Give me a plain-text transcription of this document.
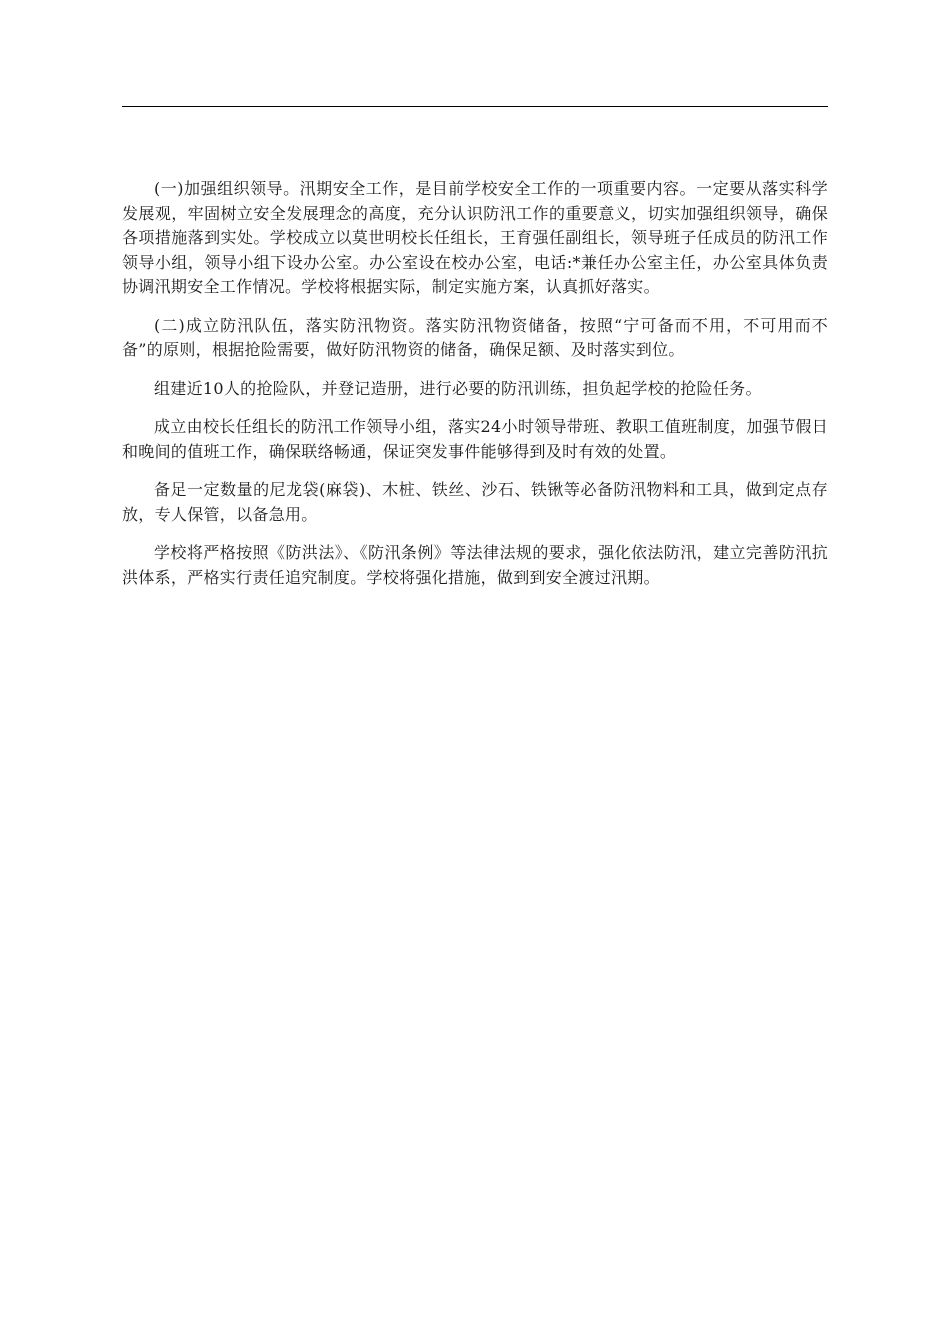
(一)加强组织领导。汛期安全工作，是目前学校安全工作的一项重要内容。一定要从落实科学发展观，牢固树立安全发展理念的高度，充分认识防汛工作的重要意义，切实加强组织领导，确保各项措施落到实处。学校成立以莫世明校长任组长，王育强任副组长，领导班子任成员的防汛工作领导小组，领导小组下设办公室。办公室设在校办公室，电话:*兼任办公室主任，办公室具体负责协调汛期安全工作情况。学校将根据实际，制定实施方案，认真抓好落实。

(二)成立防汛队伍，落实防汛物资。落实防汛物资储备，按照“宁可备而不用，不可用而不备”的原则，根据抢险需要，做好防汛物资的储备，确保足额、及时落实到位。

组建近10人的抢险队，并登记造册，进行必要的防汛训练，担负起学校的抢险任务。

成立由校长任组长的防汛工作领导小组，落实24小时领导带班、教职工值班制度，加强节假日和晚间的值班工作，确保联络畅通，保证突发事件能够得到及时有效的处置。

备足一定数量的尼龙袋(麻袋)、木桩、铁丝、沙石、铁锹等必备防汛物料和工具，做到定点存放，专人保管，以备急用。

学校将严格按照《防洪法》、《防汛条例》等法律法规的要求，强化依法防汛，建立完善防汛抗洪体系，严格实行责任追究制度。学校将强化措施，做到到安全渡过汛期。
